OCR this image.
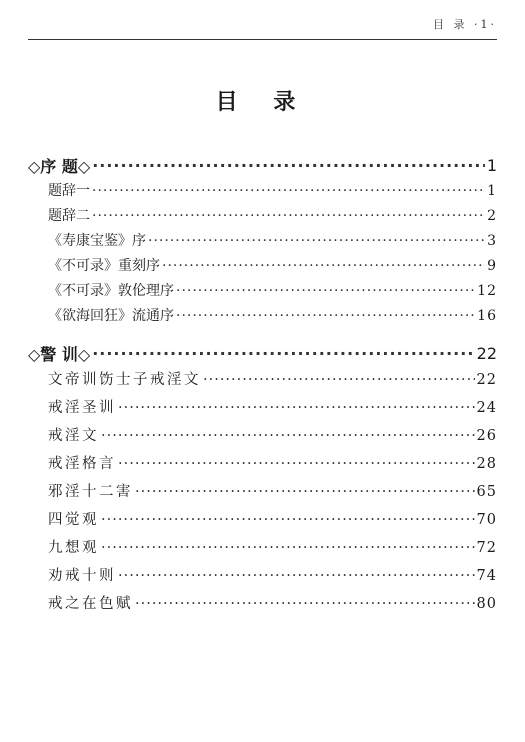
目 录 ·1·
目 录
◇序 题◇ ·····	1
题辞一 ·····	1
题辞二 ·····	2
《寿康宝鉴》序 ·····	3
《不可录》重刻序 ·····	9
《不可录》敦伦理序 ·····	12
《欲海回狂》流通序 ·····	16
◇警 训◇ ·····	22
文帝训饬士子戒淫文 ·····	22
戒淫圣训 ·····	24
戒淫文 ·····	26
戒淫格言 ·····	28
邪淫十二害 ·····	65
四觉观 ·····	70
九想观 ·····	72
劝戒十则 ·····	74
戒之在色赋 ·····	80
